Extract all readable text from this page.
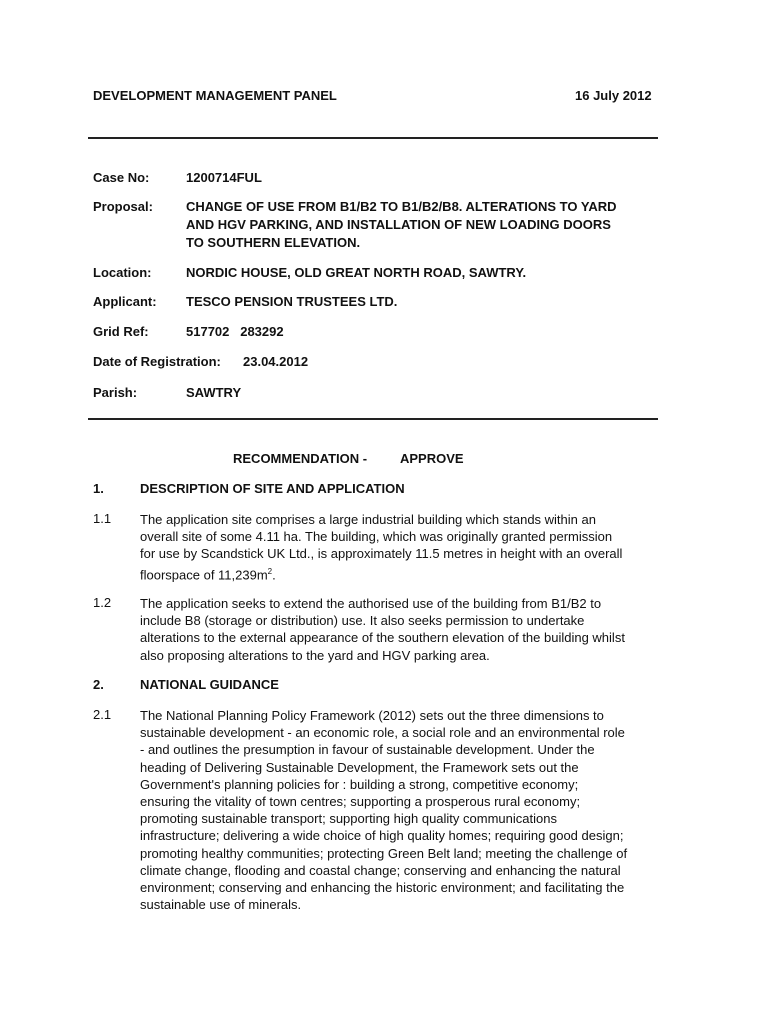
DEVELOPMENT MANAGEMENT PANEL	16 July 2012
Case No:	1200714FUL
Proposal:	CHANGE OF USE FROM B1/B2 TO B1/B2/B8. ALTERATIONS TO YARD
AND HGV PARKING, AND INSTALLATION OF NEW LOADING DOORS
TO SOUTHERN ELEVATION.
Location:	NORDIC HOUSE, OLD GREAT NORTH ROAD, SAWTRY.
Applicant: TESCO PENSION TRUSTEES LTD.
Grid Ref:	517702   283292
Date of Registration: 23.04.2012
Parish:	SAWTRY
RECOMMENDATION -	APPROVE
1.	DESCRIPTION OF SITE AND APPLICATION
1.1 The application site comprises a large industrial building which stands within an
overall site of some 4.11 ha. The building, which was originally granted permission
for use by Scandstick UK Ltd., is approximately 11.5 metres in height with an overall
floorspace of $11,239m^2$.
1.2 The application seeks to extend the authorised use of the building from B1/B2 to
include B8 (storage or distribution) use. It also seeks permission to undertake
alterations to the external appearance of the southern elevation of the building whilst
also proposing alterations to the yard and HGV parking area.
2.	NATIONAL GUIDANCE
2.1 The National Planning Policy Framework (2012) sets out the three dimensions to
sustainable development - an economic role, a social role and an environmental role
- and outlines the presumption in favour of sustainable development. Under the
heading of Delivering Sustainable Development, the Framework sets out the
Government's planning policies for : building a strong, competitive economy;
ensuring the vitality of town centres; supporting a prosperous rural economy;
promoting sustainable transport; supporting high quality communications
infrastructure; delivering a wide choice of high quality homes; requiring good design;
promoting healthy communities; protecting Green Belt land; meeting the challenge of
climate change, flooding and coastal change; conserving and enhancing the natural
environment; conserving and enhancing the historic environment; and facilitating the
sustainable use of minerals.
